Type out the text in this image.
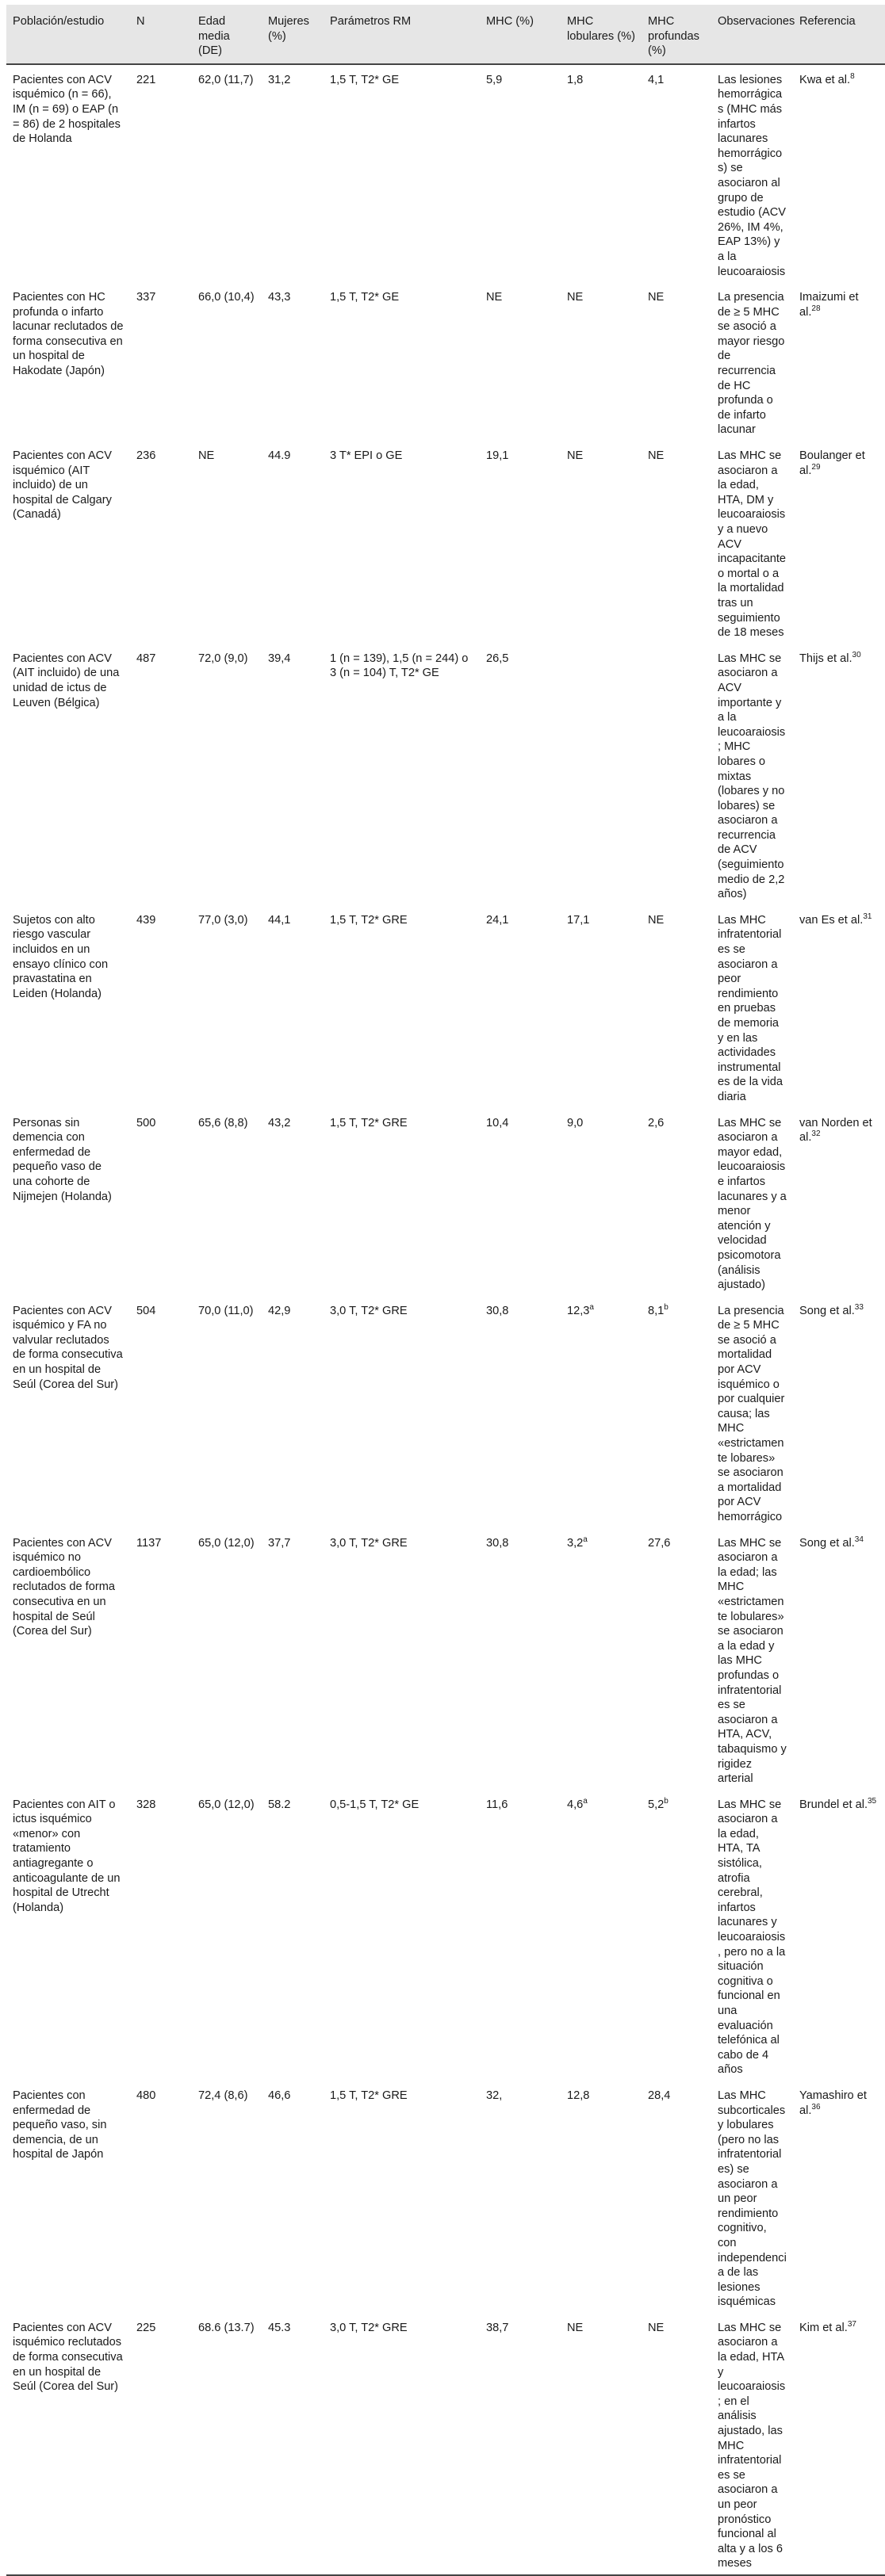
Población/estudio	N	Edad media (DE)	Mujeres (%)	Parámetros RM	MHC (%)	MHC lobulares (%)	MHC profundas (%)	Observaciones	Referencia
Pacientes con ACV isquémico (n = 66), IM (n = 69) o EAP (n = 86) de 2 hospitales de Holanda	221	62,0 (11,7)	31,2	1,5 T, T2* GE	5,9	1,8	4,1	Las lesiones hemorrágicas (MHC más infartos lacunares hemorrágicos) se asociaron al grupo de estudio (ACV 26%, IM 4%, EAP 13%) y a la leucoaraiosis	Kwa et al.$^8$
Pacientes con HC profunda o infarto lacunar reclutados de forma consecutiva en un hospital de Hakodate (Japón)	337	66,0 (10,4)	43,3	1,5 T, T2* GE	NE	NE	NE	La presencia de ≥ 5 MHC se asoció a mayor riesgo de recurrencia de HC profunda o de infarto lacunar	Imaizumi et al.$^{28}$
Pacientes con ACV isquémico (AIT incluido) de un hospital de Calgary (Canadá)	236	NE	44.9	3 T* EPI o GE	19,1	NE	NE	Las MHC se asociaron a la edad, HTA, DM y leucoaraiosis y a nuevo ACV incapacitante o mortal o a la mortalidad tras un seguimiento de 18 meses	Boulanger et al.$^{29}$
Pacientes con ACV (AIT incluido) de una unidad de ictus de Leuven (Bélgica)	487	72,0 (9,0)	39,4	1 (n = 139), 1,5 (n = 244) o 3 (n = 104) T, T2* GE	26,5			Las MHC se asociaron a ACV importante y a la leucoaraiosis; MHC lobares o mixtas (lobares y no lobares) se asociaron a recurrencia de ACV (seguimiento medio de 2,2 años)	Thijs et al.$^{30}$
Sujetos con alto riesgo vascular incluidos en un ensayo clínico con pravastatina en Leiden (Holanda)	439	77,0 (3,0)	44,1	1,5 T, T2* GRE	24,1	17,1	NE	Las MHC infratentoriales se asociaron a peor rendimiento en pruebas de memoria y en las actividades instrumentales de la vida diaria	van Es et al.$^{31}$
Personas sin demencia con enfermedad de pequeño vaso de una cohorte de Nijmejen (Holanda)	500	65,6 (8,8)	43,2	1,5 T, T2* GRE	10,4	9,0	2,6	Las MHC se asociaron a mayor edad, leucoaraiosis e infartos lacunares y a menor atención y velocidad psicomotora (análisis ajustado)	van Norden et al.$^{32}$
Pacientes con ACV isquémico y FA no valvular reclutados de forma consecutiva en un hospital de Seúl (Corea del Sur)	504	70,0 (11,0)	42,9	3,0 T, T2* GRE	30,8	12,3$^a$	8,1$^b$	La presencia de ≥ 5 MHC se asoció a mortalidad por ACV isquémico o por cualquier causa; las MHC «estrictamente lobares» se asociaron a mortalidad por ACV hemorrágico	Song et al.$^{33}$
Pacientes con ACV isquémico no cardioembólico reclutados de forma consecutiva en un hospital de Seúl (Corea del Sur)	1137	65,0 (12,0)	37,7	3,0 T, T2* GRE	30,8	3,2$^a$	27,6	Las MHC se asociaron a la edad; las MHC «estrictamente lobulares» se asociaron a la edad y las MHC profundas o infratentoriales se asociaron a HTA, ACV, tabaquismo y rigidez arterial	Song et al.$^{34}$
Pacientes con AIT o ictus isquémico «menor» con tratamiento antiagregante o anticoagulante de un hospital de Utrecht (Holanda)	328	65,0 (12,0)	58.2	0,5-1,5 T, T2* GE	11,6	4,6$^a$	5,2$^b$	Las MHC se asociaron a la edad, HTA, TA sistólica, atrofia cerebral, infartos lacunares y leucoaraiosis, pero no a la situación cognitiva o funcional en una evaluación telefónica al cabo de 4 años	Brundel et al.$^{35}$
Pacientes con enfermedad de pequeño vaso, sin demencia, de un hospital de Japón	480	72,4 (8,6)	46,6	1,5 T, T2* GRE	32,	12,8	28,4	Las MHC subcorticales y lobulares (pero no las infratentoriales) se asociaron a un peor rendimiento cognitivo, con independencia de las lesiones isquémicas	Yamashiro et al.$^{36}$
Pacientes con ACV isquémico reclutados de forma consecutiva en un hospital de Seúl (Corea del Sur)	225	68.6 (13.7)	45.3	3,0 T, T2* GRE	38,7	NE	NE	Las MHC se asociaron a la edad, HTA y leucoaraiosis; en el análisis ajustado, las MHC infratentoriales se asociaron a un peor pronóstico funcional al alta y a los 6 meses	Kim et al.$^{37}$
